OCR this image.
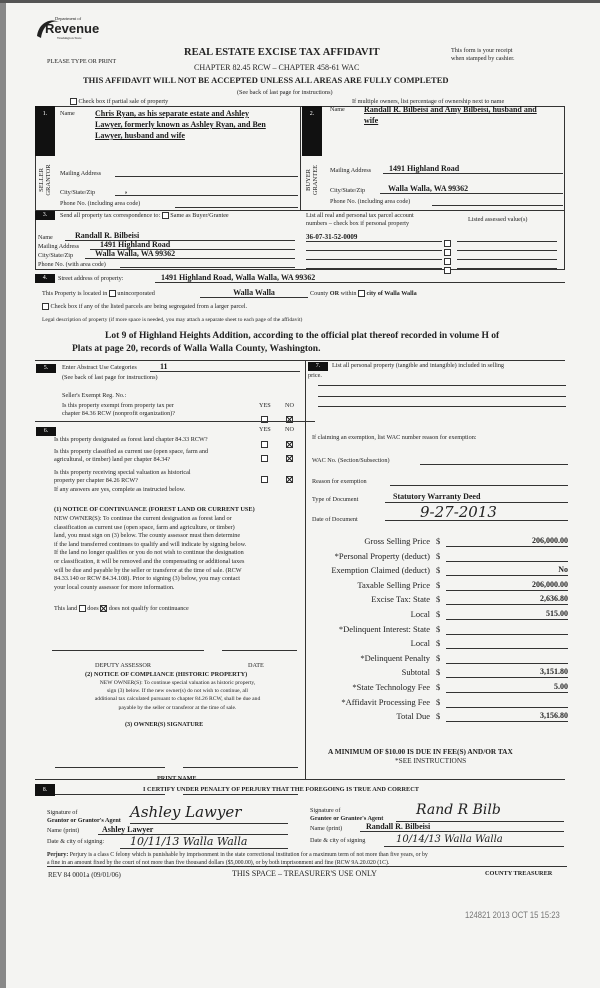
Department of
Revenue
Washington State
PLEASE TYPE OR PRINT
REAL ESTATE EXCISE TAX AFFIDAVIT
CHAPTER 82.45 RCW – CHAPTER 458-61 WAC
THIS AFFIDAVIT WILL NOT BE ACCEPTED UNLESS ALL AREAS ARE FULLY COMPLETED
(See back of last page for instructions)
This form is your receipt
when stamped by cashier.
Check box if partial sale of property	If multiple owners, list percentage of ownership next to name
1.
SELLER GRANTOR
Name	Chris Ryan, as his separate estate and Ashley
Lawyer, formerly known as Ashley Ryan, and Ben
Lawyer, husband and wife
Mailing Address
City/State/Zip	,
Phone No. (including area code)
2.
BUYER GRANTEE
Name Randall R. Bilbeisi and Amy Bilbeisi, husband and
wife
Mailing Address	1491 Highland Road
City/State/Zip	Walla Walla, WA 99362
Phone No. (including area code)
3.	Send all property tax correspondence to: Same as Buyer/Grantee
Name	Randall R. Bilbeisi
Mailing Address	1491 Highland Road
City/State/Zip	Walla Walla, WA 99362
Phone No. (with area code)
List all real and personal tax parcel account
numbers – check box if personal property
Listed assessed value(s)
36-07-31-52-0009
4.	Street address of property:	1491 Highland Road, Walla Walla, WA 99362
This Property is located in unincorporated	Walla Walla	County OR within city of Walla Walla
Check box if any of the listed parcels are being segregated from a larger parcel.
Legal description of property (if more space is needed, you may attach a separate sheet to each page of the affidavit)
Lot 9 of Highland Heights Addition, according to the official plat thereof recorded in volume H of
Plats at page 20, records of Walla Walla County, Washington.
5.	Enter Abstract Use Categories	11
(See back of last page for instructions)
Seller's Exempt Reg. No.:
Is this property exempt from property tax per
chapter 84.36 RCW (nonprofit organization)?
YES NO
6.	YES NO
Is this property designated as forest land chapter 84.33 RCW?
Is this property classified as current use (open space, farm and
agricultural, or timber) land per chapter 84.34?
Is this property receiving special valuation as historical
property per chapter 84.26 RCW?
If any answers are yes, complete as instructed below.
(1) NOTICE OF CONTINUANCE (FOREST LAND OR CURRENT USE)
NEW OWNER(S): To continue the current designation as forest land or
classification as current use (open space, farm and agriculture, or timber)
land, you must sign on (3) below. The county assessor must then determine
if the land transferred continues to qualify and will indicate by signing below.
If the land no longer qualifies or you do not wish to continue the designation
or classification, it will be removed and the compensating or additional taxes
will be due and payable by the seller or transferor at the time of sale. (RCW
84.33.140 or RCW 84.34.108). Prior to signing (3) below, you may contact
your local county assessor for more information.
This land does does not qualify for continuance
DEPUTY ASSESSOR	DATE
(2) NOTICE OF COMPLIANCE (HISTORIC PROPERTY)
NEW OWNER(S): To continue special valuation as historic property,
sign (3) below. If the new owner(s) do not wish to continue, all
additional tax calculated pursuant to chapter 84.26 RCW, shall be due and
payable by the seller or transferor at the time of sale.
(3) OWNER(S) SIGNATURE
7.	List all personal property (tangible and intangible) included in selling
price.
If claiming an exemption, list WAC number reason for exemption:
WAC No. (Section/Subsection)
Reason for exemption
Type of Document	Statutory Warranty Deed
Date of Document	9-27-2013
Gross Selling Price $	206,000.00
*Personal Property (deduct) $
Exemption Claimed (deduct) $	No
Taxable Selling Price $	206,000.00
Excise Tax: State $	2,636.80
Local $	515.00
*Delinquent Interest: State $
Local $
*Delinquent Penalty $
Subtotal $	3,151.80
*State Technology Fee $	5.00
*Affidavit Processing Fee $
Total Due $	3,156.80
A MINIMUM OF $10.00 IS DUE IN FEE(S) AND/OR TAX
*SEE INSTRUCTIONS
8.	I CERTIFY UNDER PENALTY OF PERJURY THAT THE FOREGOING IS TRUE AND CORRECT
Signature of
Grantor or Grantor's Agent Ashley Lawyer
Name (print)	Ashley Lawyer
Date & city of signing:	10/11/13 Walla Walla
Signature of
Grantee or Grantee's Agent
Rand R Bilb
Name (print)	Randall R. Bilbeisi
Date & city of signing	10/14/13 Walla Walla
Perjury: Perjury is a class C felony which is punishable by imprisonment in the state correctional institution for a maximum term of not more than five years, or by
a fine in an amount fixed by the court of not more than five thousand dollars ($5,000.00), or by both imprisonment and fine (RCW 9A.20.020 (1C).
REV 84 0001a (09/01/06)	THIS SPACE – TREASURER'S USE ONLY	COUNTY TREASURER
124821 2013 OCT 15 15:23
